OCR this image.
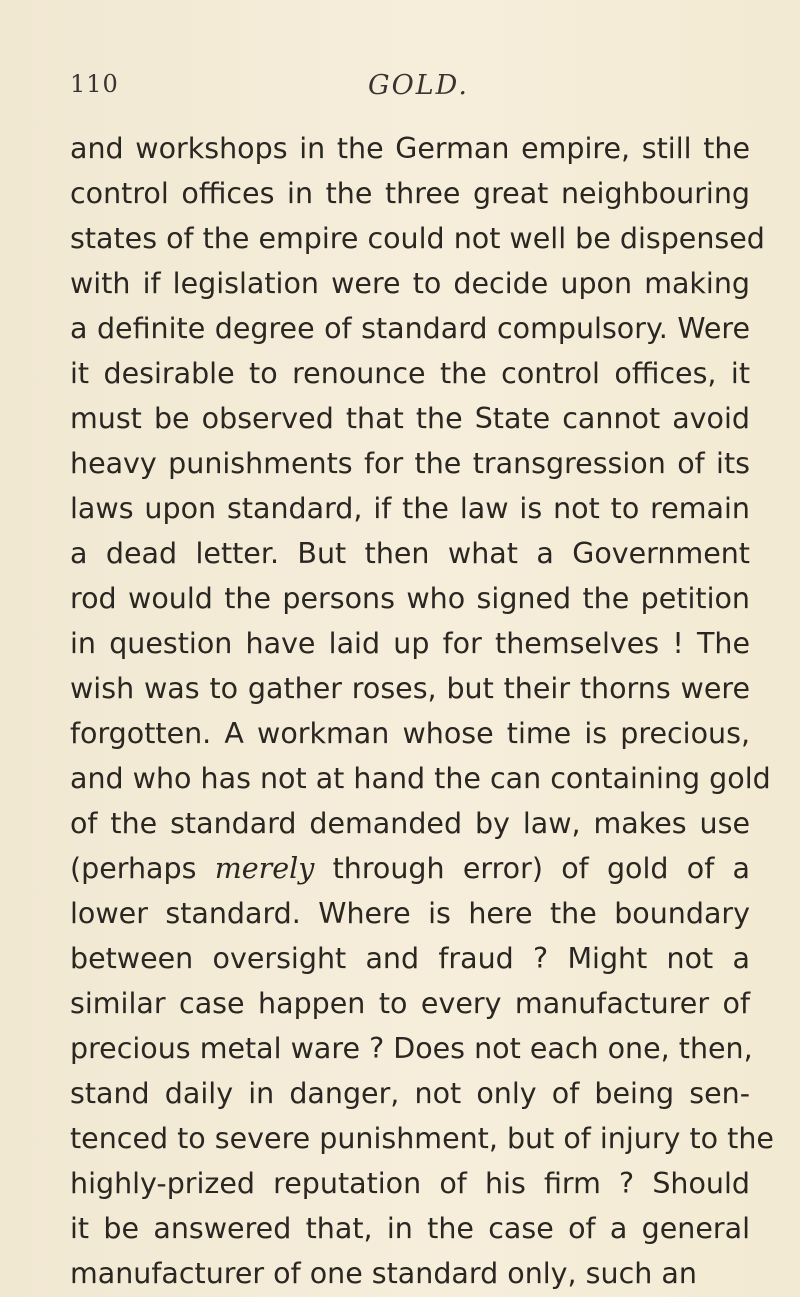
110	GOLD.
and workshops in the German empire, still the
control offices in the three great neighbouring
states of the empire could not well be dispensed
with if legislation were to decide upon making
a definite degree of standard compulsory. Were
it desirable to renounce the control offices, it
must be observed that the State cannot avoid
heavy punishments for the transgression of its
laws upon standard, if the law is not to remain
a dead letter. But then what a Government
rod would the persons who signed the petition
in question have laid up for themselves ! The
wish was to gather roses, but their thorns were
forgotten. A workman whose time is precious,
and who has not at hand the can containing gold
of the standard demanded by law, makes use
(perhaps merely through error) of gold of a
lower standard. Where is here the boundary
between oversight and fraud ? Might not a
similar case happen to every manufacturer of
precious metal ware ? Does not each one, then,
stand daily in danger, not only of being sen-
tenced to severe punishment, but of injury to the
highly-prized reputation of his firm ? Should
it be answered that, in the case of a general
manufacturer of one standard only, such an
